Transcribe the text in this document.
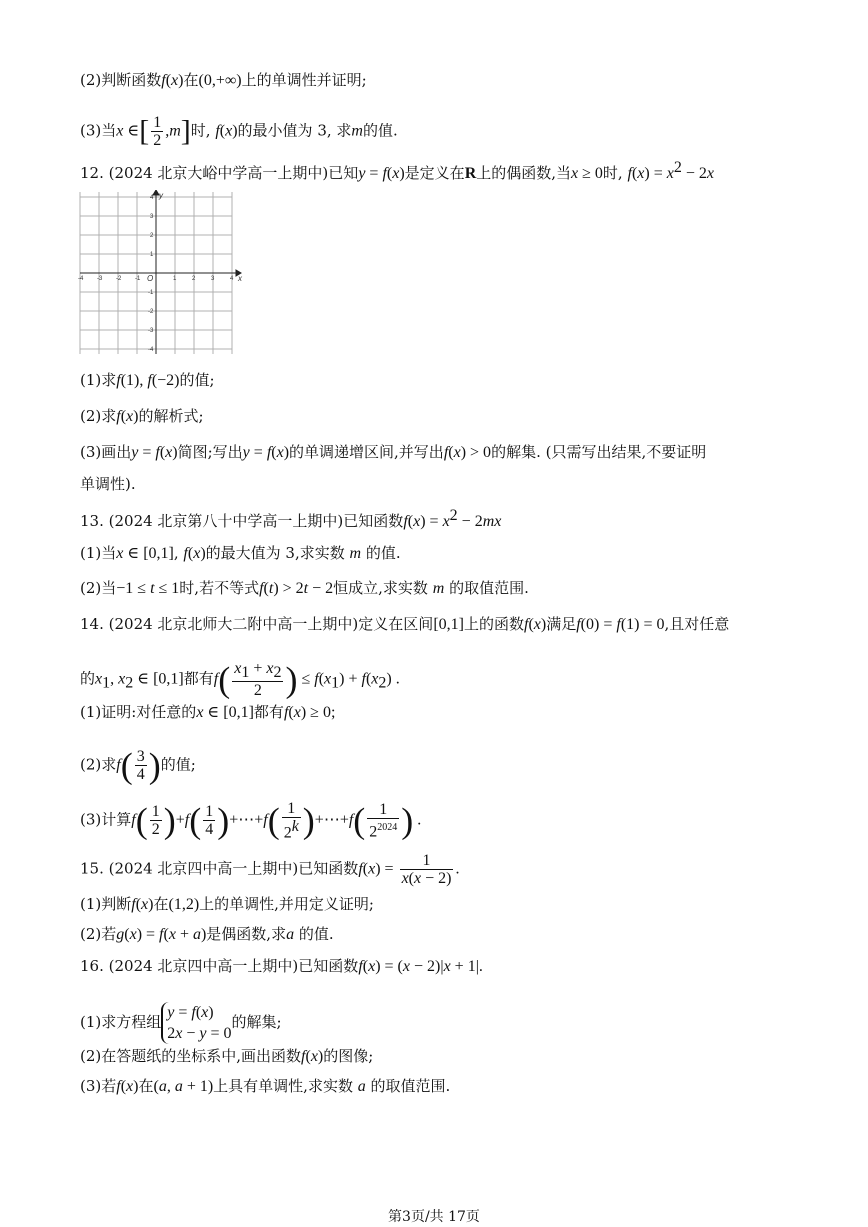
(2)判断函数f(x)在(0,+∞)上的单调性并证明;
(3)当x ∈[ $\frac{1}{2} ,m$]时, f(x)的最小值为 3, 求m的值.
12. (2024 北京大峪中学高一上期中)已知y = f(x)是定义在R上的偶函数,当x ≥ 0时, $f(x) = x^2 - 2x$
x
y
O
-4 -3 -2 -1	1	2	3	4
4
3
2
1
-1
-2
-3
-4
(1)求f(1), f(−2)的值;
(2)求f(x)的解析式;
(3)画出y = f(x)简图;写出y = f(x)的单调递增区间,并写出f(x) > 0的解集. (只需写出结果,不要证明
单调性).
13. (2024 北京第八十中学高一上期中)已知函数$f(x) = x^2 - 2mx$
(1)当x ∈ [0,1], f(x)的最大值为 3,求实数 m 的值.
(2)当−1 ≤ t ≤ 1时,若不等式f(t) > 2t − 2恒成立,求实数 m 的取值范围.
14. (2024 北京北师大二附中高一上期中)定义在区间[0,1]上的函数f(x)满足f(0) = f(1) = 0,且对任意
的$x_1$, $x_2$ ∈ [0,1]都有$f( \frac{x_1 + x_2}{2}$ ) ≤ $f(x_1) + f(x_2)$ .
(1)证明:对任意的x ∈ [0,1]都有f(x) ≥ 0;
(2)求$f( \frac{3}{4}$ )的值;
(3)计算$f( \frac{1}{2} )+f( \frac{1}{4}$ )+⋯+f( $\frac{1}{2^k}$ )+⋯+f( $\frac{1}{2^{2024}}$ ) .
15. (2024 北京四中高一上期中)已知函数$f(x) = \frac{1}{x(x - 2)}$ .
(1)判断f(x)在(1,2)上的单调性,并用定义证明;
(2)若g(x) = f(x + a)是偶函数,求a 的值.
16. (2024 北京四中高一上期中)已知函数f(x) = (x − 2)|x + 1|.
(1)求方程组
y = f(x)
2x − y = 0
的解集;
(2)在答题纸的坐标系中,画出函数f(x)的图像;
(3)若f(x)在(a, a + 1)上具有单调性,求实数 a 的取值范围.
第3页/共 17页
